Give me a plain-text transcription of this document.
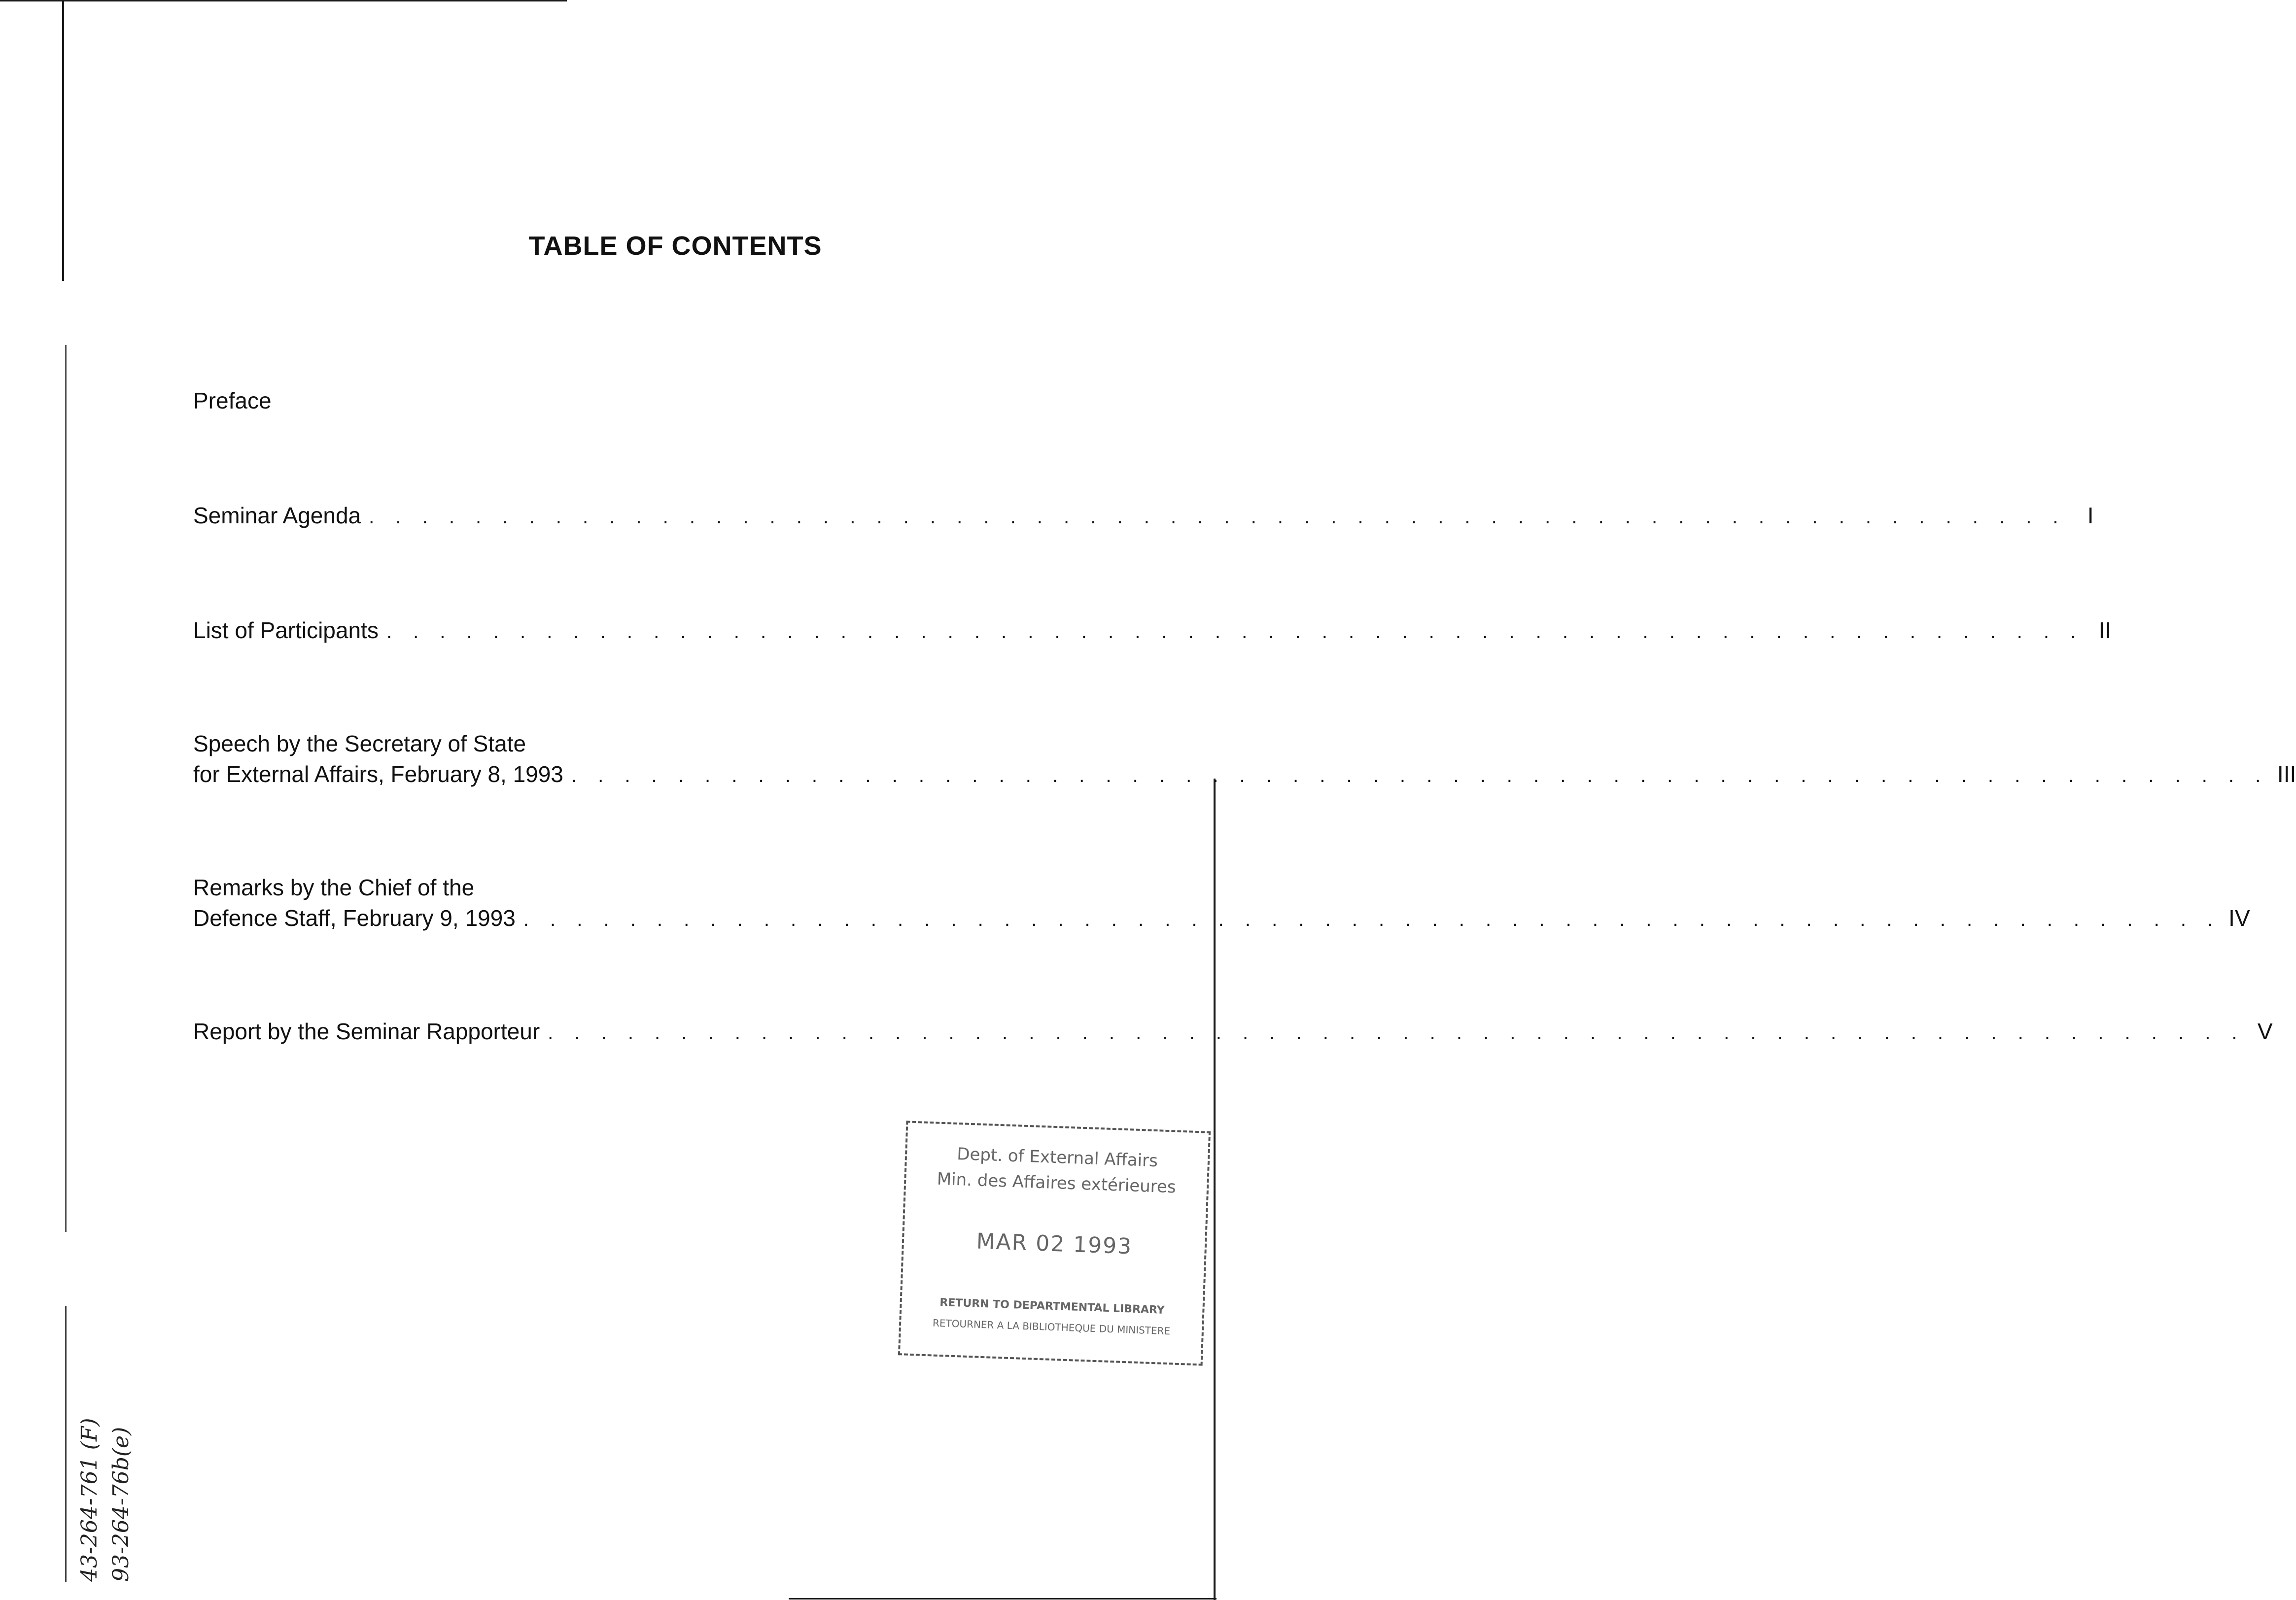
TABLE OF CONTENTS
Preface
Seminar Agenda . . . . . . . . . . . . . . . . . . . . . . . . . . . . . . . . . . . . . . . . . . . . . . . . . . . . . . . . . . . . . . . . I
List of Participants . . . . . . . . . . . . . . . . . . . . . . . . . . . . . . . . . . . . . . . . . . . . . . . . . . . . . . . . . . . . . . . . II
Speech by the Secretary of State
for External Affairs, February 8, 1993 . . . . . . . . . . . . . . . . . . . . . . . . . . . . . . . . . . . . . . . . . . . . . . . . . . . . . . . . . . . . . . . . III
Remarks by the Chief of the
Defence Staff, February 9, 1993 . . . . . . . . . . . . . . . . . . . . . . . . . . . . . . . . . . . . . . . . . . . . . . . . . . . . . . . . . . . . . . . . IV
Report by the Seminar Rapporteur . . . . . . . . . . . . . . . . . . . . . . . . . . . . . . . . . . . . . . . . . . . . . . . . . . . . . . . . . . . . . . . . V
Dept. of External Affairs
Min. des Affaires extérieures
MAR 02 1993
RETURN TO DEPARTMENTAL LIBRARY
RETOURNER A LA BIBLIOTHEQUE DU MINISTERE
43-264-761 (F) 93-264-76b(e)
